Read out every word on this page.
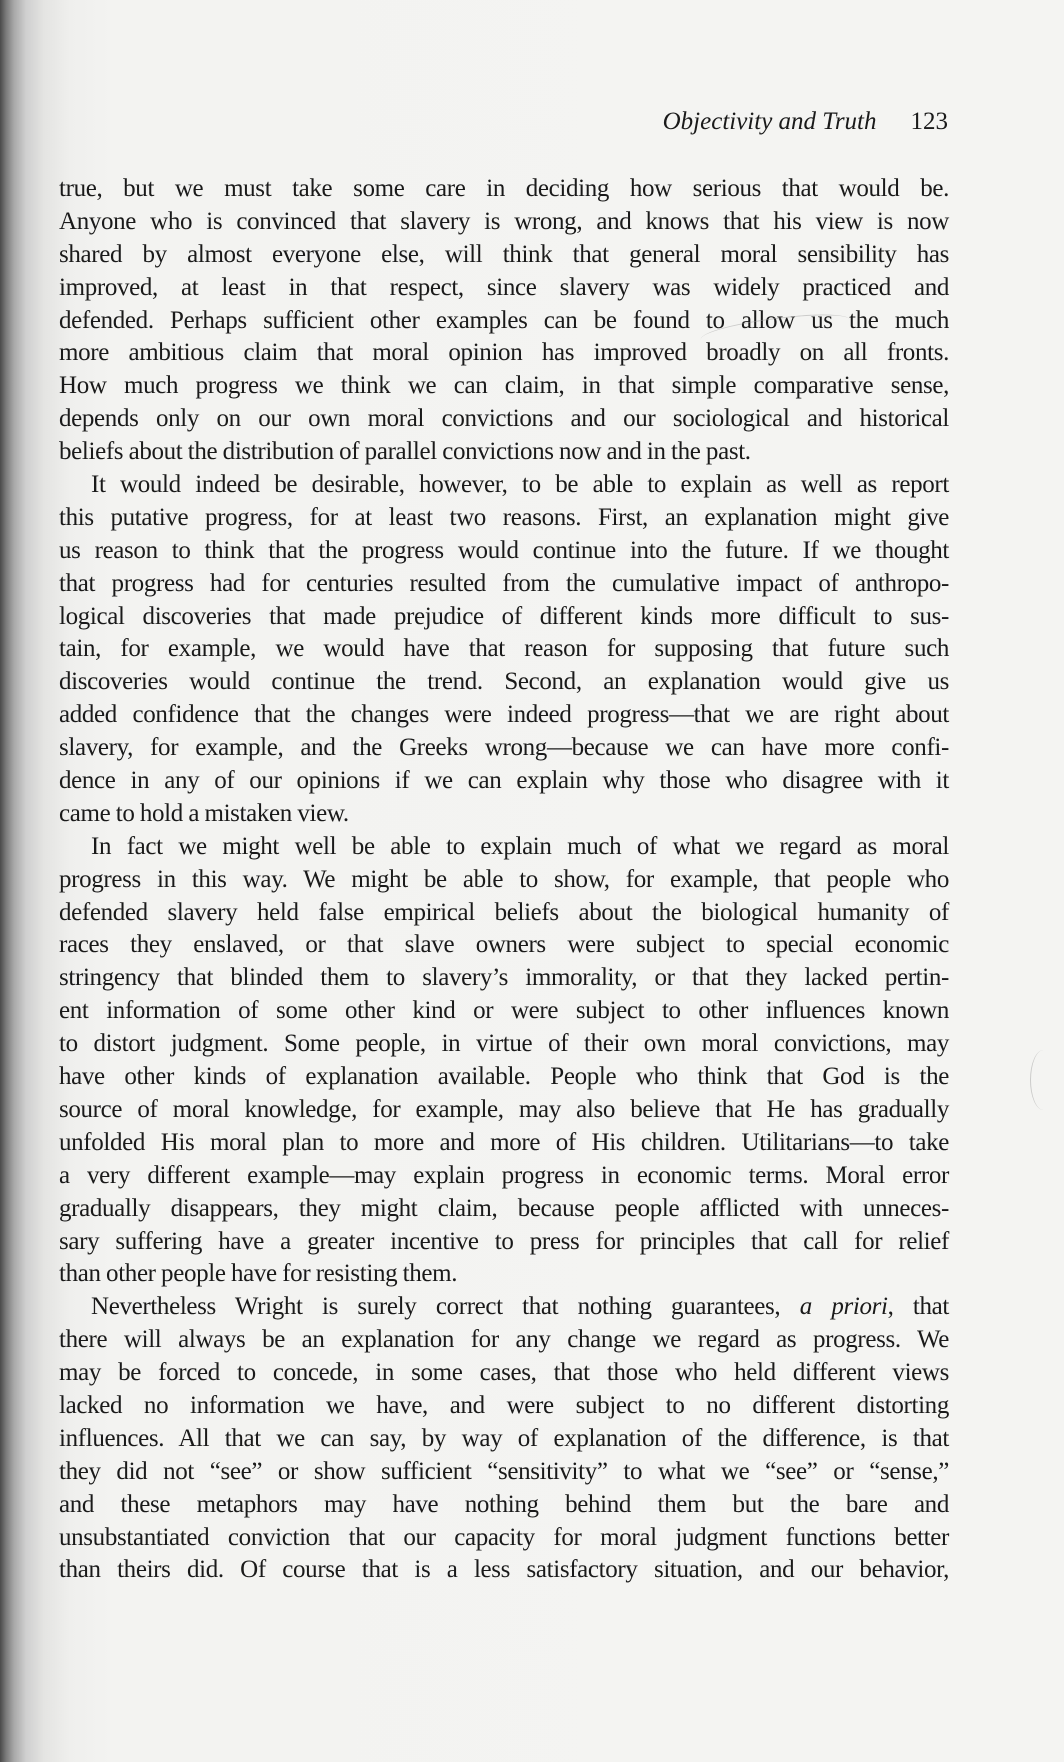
Objectivity and Truth 123
true, but we must take some care in deciding how serious that would be.
Anyone who is convinced that slavery is wrong, and knows that his view is now
shared by almost everyone else, will think that general moral sensibility has
improved, at least in that respect, since slavery was widely practiced and
defended. Perhaps sufficient other examples can be found to allow us the much
more ambitious claim that moral opinion has improved broadly on all fronts.
How much progress we think we can claim, in that simple comparative sense,
depends only on our own moral convictions and our sociological and historical
beliefs about the distribution of parallel convictions now and in the past.
It would indeed be desirable, however, to be able to explain as well as report
this putative progress, for at least two reasons. First, an explanation might give
us reason to think that the progress would continue into the future. If we thought
that progress had for centuries resulted from the cumulative impact of anthropo-
logical discoveries that made prejudice of different kinds more difficult to sus-
tain, for example, we would have that reason for supposing that future such
discoveries would continue the trend. Second, an explanation would give us
added confidence that the changes were indeed progress—that we are right about
slavery, for example, and the Greeks wrong—because we can have more confi-
dence in any of our opinions if we can explain why those who disagree with it
came to hold a mistaken view.
In fact we might well be able to explain much of what we regard as moral
progress in this way. We might be able to show, for example, that people who
defended slavery held false empirical beliefs about the biological humanity of
races they enslaved, or that slave owners were subject to special economic
stringency that blinded them to slavery’s immorality, or that they lacked pertin-
ent information of some other kind or were subject to other influences known
to distort judgment. Some people, in virtue of their own moral convictions, may
have other kinds of explanation available. People who think that God is the
source of moral knowledge, for example, may also believe that He has gradually
unfolded His moral plan to more and more of His children. Utilitarians—to take
a very different example—may explain progress in economic terms. Moral error
gradually disappears, they might claim, because people afflicted with unneces-
sary suffering have a greater incentive to press for principles that call for relief
than other people have for resisting them.
Nevertheless Wright is surely correct that nothing guarantees, a priori, that
there will always be an explanation for any change we regard as progress. We
may be forced to concede, in some cases, that those who held different views
lacked no information we have, and were subject to no different distorting
influences. All that we can say, by way of explanation of the difference, is that
they did not “see” or show sufficient “sensitivity” to what we “see” or “sense,”
and these metaphors may have nothing behind them but the bare and
unsubstantiated conviction that our capacity for moral judgment functions better
than theirs did. Of course that is a less satisfactory situation, and our behavior,
